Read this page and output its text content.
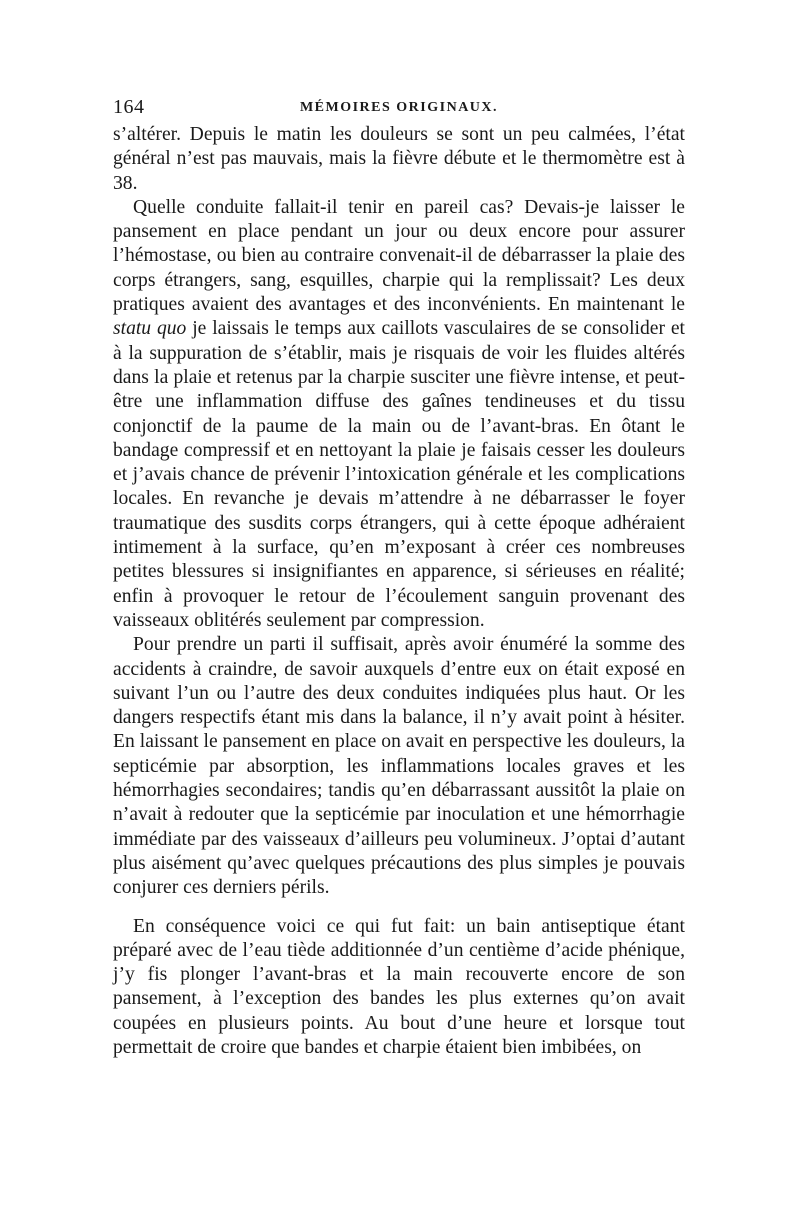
164	MÉMOIRES ORIGINAUX.

s’altérer. Depuis le matin les douleurs se sont un peu calmées, l’état général n’est pas mauvais, mais la fièvre débute et le thermomètre est à 38.

Quelle conduite fallait-il tenir en pareil cas? Devais-je laisser le pansement en place pendant un jour ou deux encore pour assurer l’hémostase, ou bien au contraire convenait-il de débarrasser la plaie des corps étrangers, sang, esquilles, charpie qui la remplissait? Les deux pratiques avaient des avantages et des inconvénients. En maintenant le statu quo je laissais le temps aux caillots vasculaires de se consolider et à la suppuration de s’établir, mais je risquais de voir les fluides altérés dans la plaie et retenus par la charpie susciter une fièvre intense, et peut-être une inflammation diffuse des gaînes tendineuses et du tissu conjonctif de la paume de la main ou de l’avant-bras. En ôtant le bandage compressif et en nettoyant la plaie je faisais cesser les douleurs et j’avais chance de prévenir l’intoxication générale et les complications locales. En revanche je devais m’attendre à ne débarrasser le foyer traumatique des susdits corps étrangers, qui à cette époque adhéraient intimement à la surface, qu’en m’exposant à créer ces nombreuses petites blessures si insignifiantes en apparence, si sérieuses en réalité; enfin à provoquer le retour de l’écoulement sanguin provenant des vaisseaux oblitérés seulement par compression.

Pour prendre un parti il suffisait, après avoir énuméré la somme des accidents à craindre, de savoir auxquels d’entre eux on était exposé en suivant l’un ou l’autre des deux conduites indiquées plus haut. Or les dangers respectifs étant mis dans la balance, il n’y avait point à hésiter. En laissant le pansement en place on avait en perspective les douleurs, la septicémie par absorption, les inflammations locales graves et les hémorrhagies secondaires; tandis qu’en débarrassant aussitôt la plaie on n’avait à redouter que la septicémie par inoculation et une hémorrhagie immédiate par des vaisseaux d’ailleurs peu volumineux. J’optai d’autant plus aisément qu’avec quelques précautions des plus simples je pouvais conjurer ces derniers périls.

En conséquence voici ce qui fut fait: un bain antiseptique étant préparé avec de l’eau tiède additionnée d’un centième d’acide phénique, j’y fis plonger l’avant-bras et la main recouverte encore de son pansement, à l’exception des bandes les plus externes qu’on avait coupées en plusieurs points. Au bout d’une heure et lorsque tout permettait de croire que bandes et charpie étaient bien imbibées, on
